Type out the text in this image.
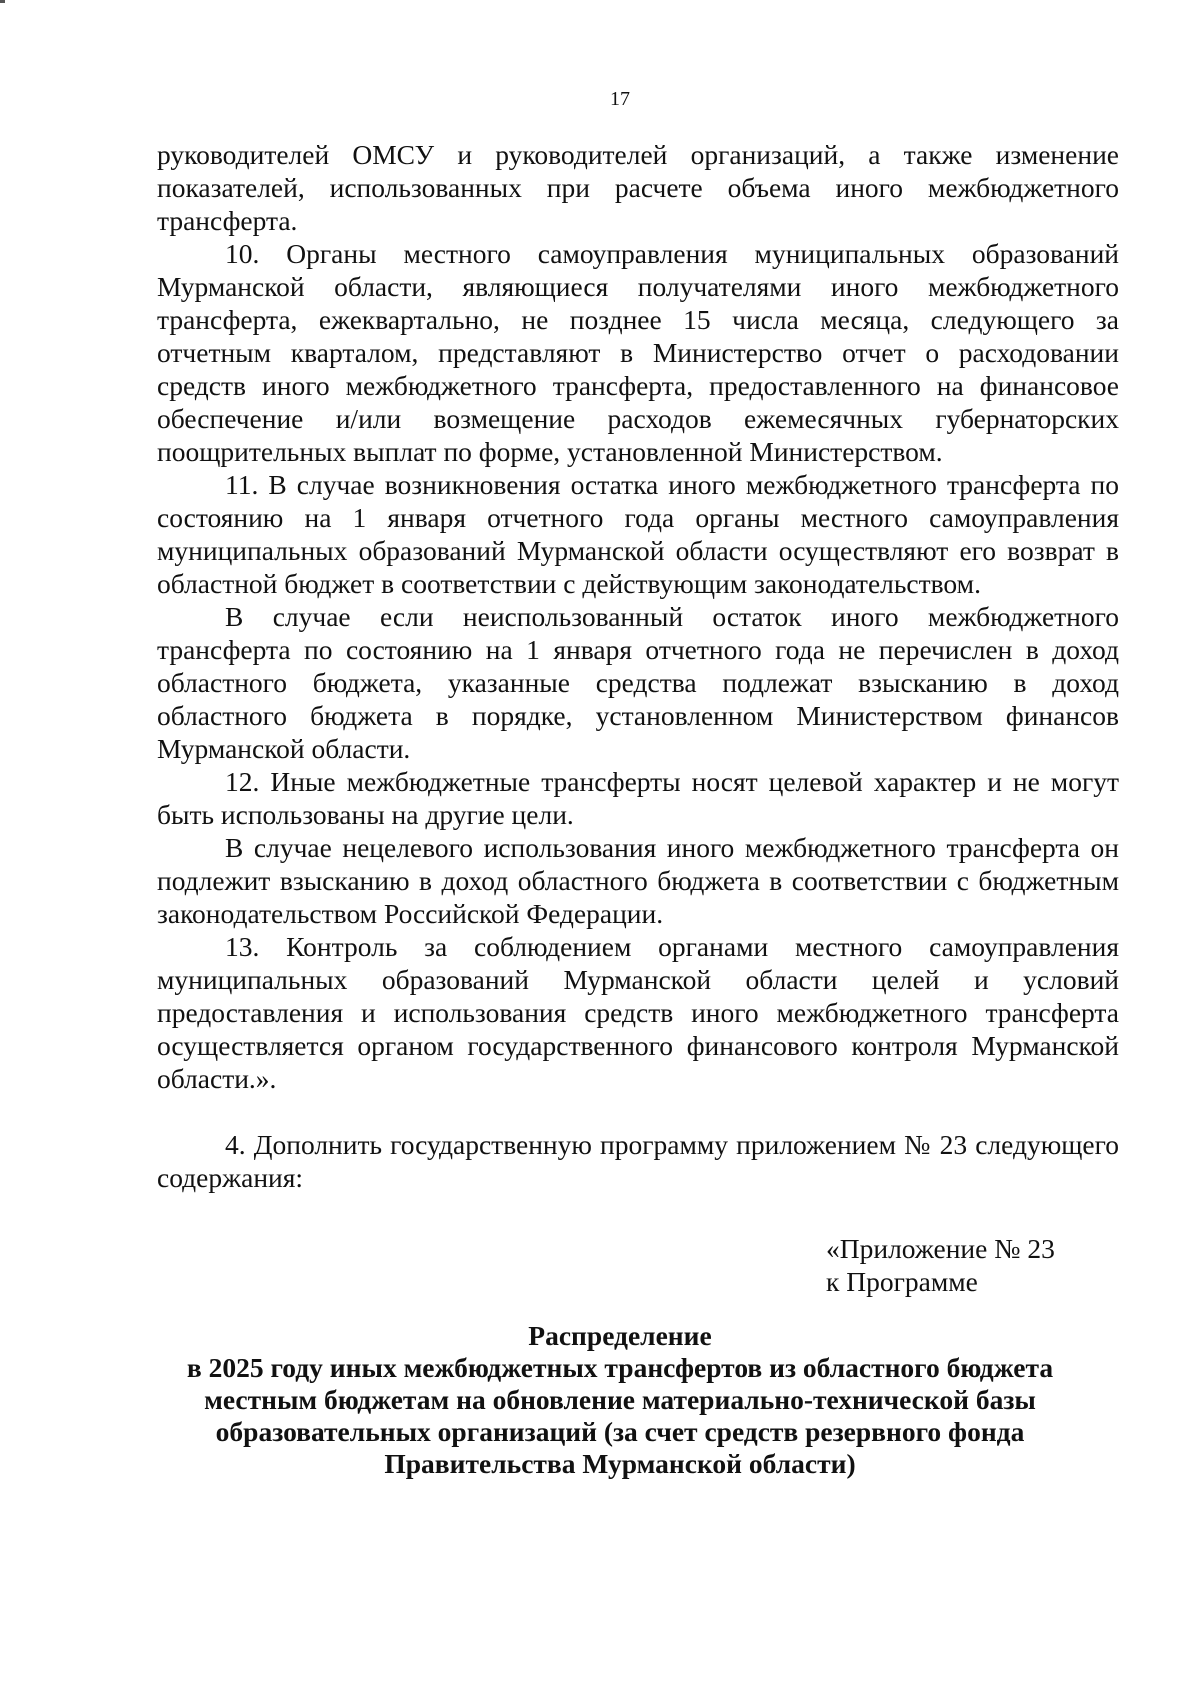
17

руководителей ОМСУ и руководителей организаций, а также изменение показателей, использованных при расчете объема иного межбюджетного трансферта.

10. Органы местного самоуправления муниципальных образований Мурманской области, являющиеся получателями иного межбюджетного трансферта, ежеквартально, не позднее 15 числа месяца, следующего за отчетным кварталом, представляют в Министерство отчет о расходовании средств иного межбюджетного трансферта, предоставленного на финансовое обеспечение и/или возмещение расходов ежемесячных губернаторских поощрительных выплат по форме, установленной Министерством.

11. В случае возникновения остатка иного межбюджетного трансферта по состоянию на 1 января отчетного года органы местного самоуправления муниципальных образований Мурманской области осуществляют его возврат в областной бюджет в соответствии с действующим законодательством.

В случае если неиспользованный остаток иного межбюджетного трансферта по состоянию на 1 января отчетного года не перечислен в доход областного бюджета, указанные средства подлежат взысканию в доход областного бюджета в порядке, установленном Министерством финансов Мурманской области.

12. Иные межбюджетные трансферты носят целевой характер и не могут быть использованы на другие цели.

В случае нецелевого использования иного межбюджетного трансферта он подлежит взысканию в доход областного бюджета в соответствии с бюджетным законодательством Российской Федерации.

13. Контроль за соблюдением органами местного самоуправления муниципальных образований Мурманской области целей и условий предоставления и использования средств иного межбюджетного трансферта осуществляется органом государственного финансового контроля Мурманской области.».

4. Дополнить государственную программу приложением № 23 следующего содержания:

«Приложение № 23
к Программе
Распределение
в 2025 году иных межбюджетных трансфертов из областного бюджета
местным бюджетам на обновление материально-технической базы
образовательных организаций (за счет средств резервного фонда
Правительства Мурманской области)
